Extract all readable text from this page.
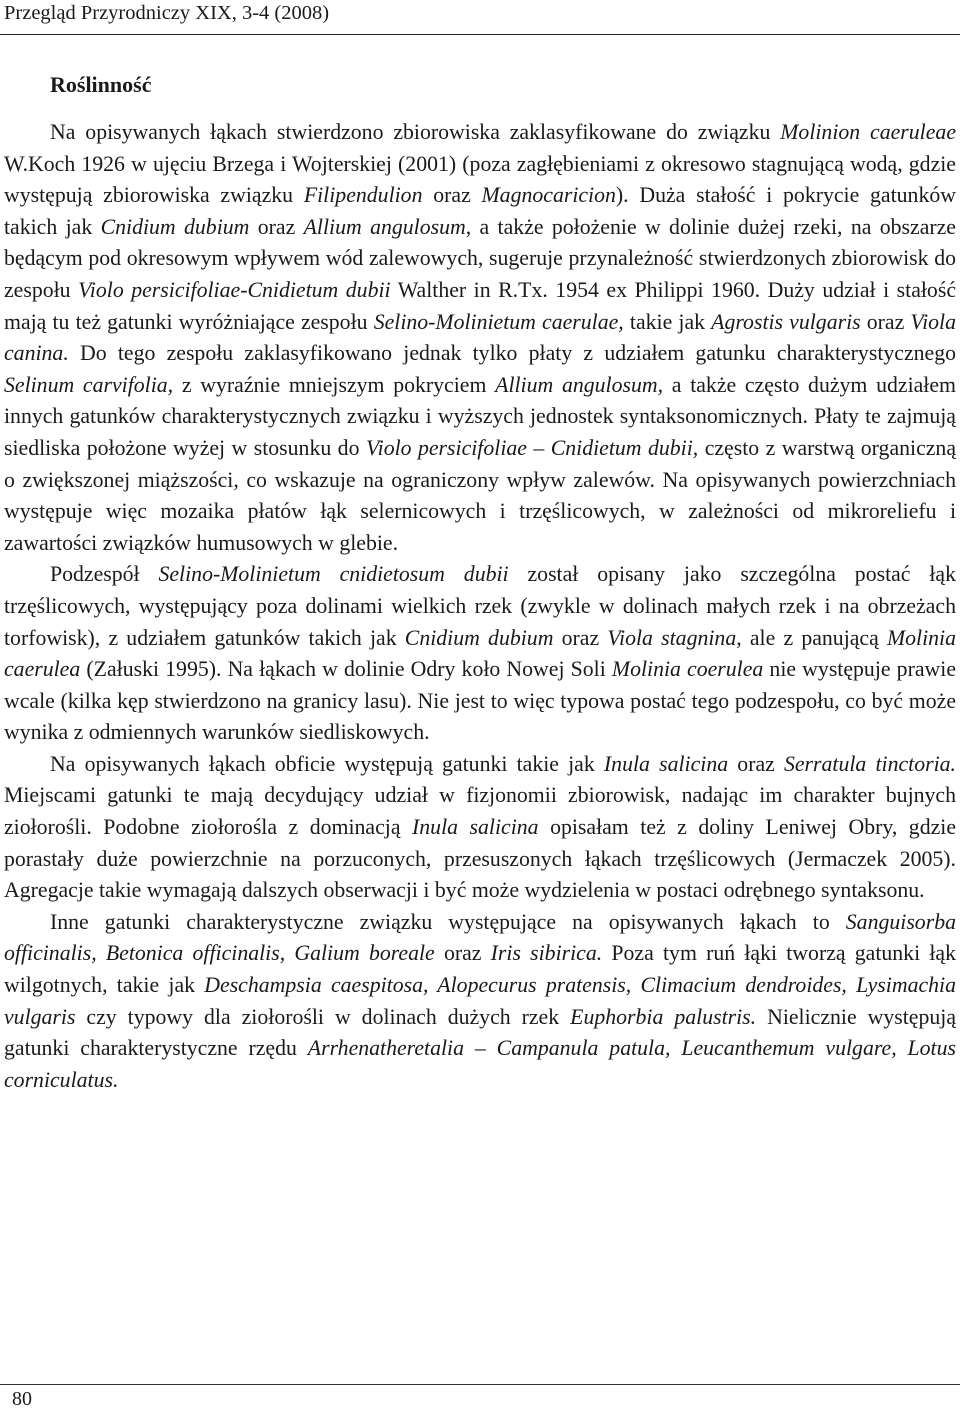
Przegląd Przyrodniczy XIX, 3-4 (2008)
Roślinność

Na opisywanych łąkach stwierdzono zbiorowiska zaklasyfikowane do związku Molinion caeruleae W.Koch 1926 w ujęciu Brzega i Wojterskiej (2001) (poza zagłębieniami z okresowo stagnującą wodą, gdzie występują zbiorowiska związku Filipendulion oraz Magnocaricion). Duża stałość i pokrycie gatunków takich jak Cnidium dubium oraz Allium angulosum, a także położenie w dolinie dużej rzeki, na obszarze będącym pod okresowym wpływem wód zalewowych, sugeruje przynależność stwierdzonych zbiorowisk do zespołu Violo persicifoliae-Cnidietum dubii Walther in R.Tx. 1954 ex Philippi 1960. Duży udział i stałość mają tu też gatunki wyróżniające zespołu Selino-Molinietum caerulae, takie jak Agrostis vulgaris oraz Viola canina. Do tego zespołu zaklasyfikowano jednak tylko płaty z udziałem gatunku charakterystycznego Selinum carvifolia, z wyraźnie mniejszym pokryciem Allium angulosum, a także często dużym udziałem innych gatunków charakterystycznych związku i wyższych jednostek syntaksonomicznych. Płaty te zajmują siedliska położone wyżej w stosunku do Violo persicifoliae – Cnidietum dubii, często z warstwą organiczną o zwiększonej miąższości, co wskazuje na ograniczony wpływ zalewów. Na opisywanych powierzchniach występuje więc mozaika płatów łąk selernicowych i trzęślicowych, w zależności od mikroreliefu i zawartości związków humusowych w glebie.

Podzespół Selino-Molinietum cnidietosum dubii został opisany jako szczególna postać łąk trzęślicowych, występujący poza dolinami wielkich rzek (zwykle w dolinach małych rzek i na obrzeżach torfowisk), z udziałem gatunków takich jak Cnidium dubium oraz Viola stagnina, ale z panującą Molinia caerulea (Załuski 1995). Na łąkach w dolinie Odry koło Nowej Soli Molinia coerulea nie występuje prawie wcale (kilka kęp stwierdzono na granicy lasu). Nie jest to więc typowa postać tego podzespołu, co być może wynika z odmiennych warunków siedliskowych.

Na opisywanych łąkach obficie występują gatunki takie jak Inula salicina oraz Serratula tinctoria. Miejscami gatunki te mają decydujący udział w fizjonomii zbiorowisk, nadając im charakter bujnych ziołorośli. Podobne ziołorośla z dominacją Inula salicina opisałam też z doliny Leniwej Obry, gdzie porastały duże powierzchnie na porzuconych, przesuszonych łąkach trzęślicowych (Jermaczek 2005). Agregacje takie wymagają dalszych obserwacji i być może wydzielenia w postaci odrębnego syntaksonu.

Inne gatunki charakterystyczne związku występujące na opisywanych łąkach to Sanguisorba officinalis, Betonica officinalis, Galium boreale oraz Iris sibirica. Poza tym ruń łąki tworzą gatunki łąk wilgotnych, takie jak Deschampsia caespitosa, Alopecurus pratensis, Climacium dendroides, Lysimachia vulgaris czy typowy dla ziołorośli w dolinach dużych rzek Euphorbia palustris. Nielicznie występują gatunki charakterystyczne rzędu Arrhenatheretalia – Campanula patula, Leucanthemum vulgare, Lotus corniculatus.

80
